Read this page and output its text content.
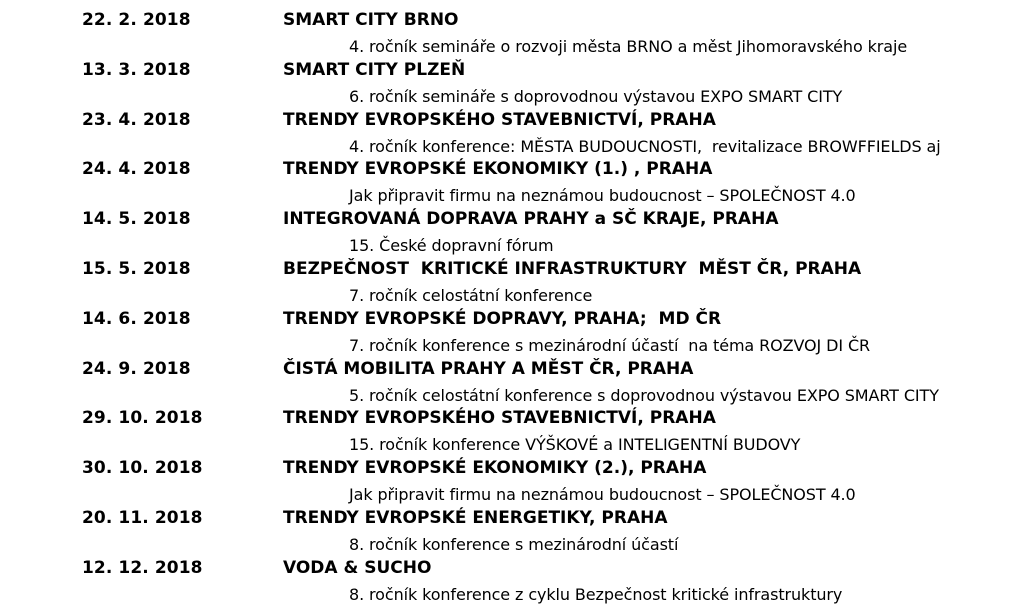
22. 2. 2018	SMART CITY BRNO
4. ročník semináře o rozvoji města BRNO a měst Jihomoravského kraje
13. 3. 2018	SMART CITY PLZEŇ
6. ročník semináře s doprovodnou výstavou EXPO SMART CITY
23. 4. 2018	TRENDY EVROPSKÉHO STAVEBNICTVÍ, PRAHA
4. ročník konference: MĚSTA BUDOUCNOSTI,  revitalizace BROWFFIELDS aj
24. 4. 2018	TRENDY EVROPSKÉ EKONOMIKY (1.) , PRAHA
Jak připravit firmu na neznámou budoucnost – SPOLEČNOST 4.0
14. 5. 2018	INTEGROVANÁ DOPRAVA PRAHY a SČ KRAJE, PRAHA
15. České dopravní fórum
15. 5. 2018	BEZPEČNOST  KRITICKÉ INFRASTRUKTURY  MĚST ČR, PRAHA
7. ročník celostátní konference
14. 6. 2018	TRENDY EVROPSKÉ DOPRAVY, PRAHA;  MD ČR
7. ročník konference s mezinárodní účastí  na téma ROZVOJ DI ČR
24. 9. 2018	ČISTÁ MOBILITA PRAHY A MĚST ČR, PRAHA
5. ročník celostátní konference s doprovodnou výstavou EXPO SMART CITY
29. 10. 2018	TRENDY EVROPSKÉHO STAVEBNICTVÍ, PRAHA
15. ročník konference VÝŠKOVÉ a INTELIGENTNÍ BUDOVY
30. 10. 2018	TRENDY EVROPSKÉ EKONOMIKY (2.), PRAHA
Jak připravit firmu na neznámou budoucnost – SPOLEČNOST 4.0
20. 11. 2018	TRENDY EVROPSKÉ ENERGETIKY, PRAHA
8. ročník konference s mezinárodní účastí
12. 12. 2018	VODA & SUCHO
8. ročník konference z cyklu Bezpečnost kritické infrastruktury
